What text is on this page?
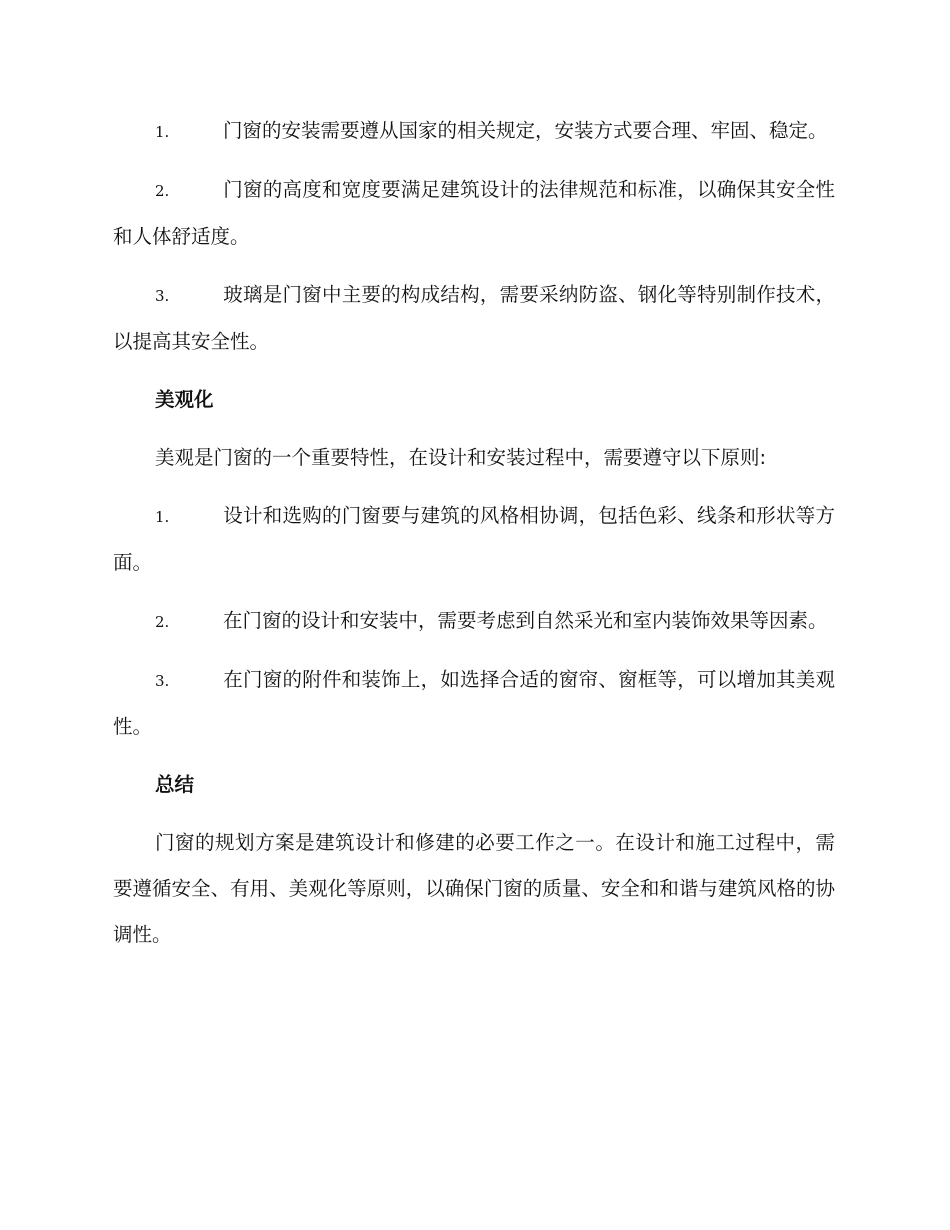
1.	门窗的安装需要遵从国家的相关规定，安装方式要合理、牢固、稳定。
2.	门窗的高度和宽度要满足建筑设计的法律规范和标准，以确保其安全性和人体舒适度。
3.	玻璃是门窗中主要的构成结构，需要采纳防盗、钢化等特别制作技术，以提高其安全性。
美观化
美观是门窗的一个重要特性，在设计和安装过程中，需要遵守以下原则:
1.	设计和选购的门窗要与建筑的风格相协调，包括色彩、线条和形状等方面。
2.	在门窗的设计和安装中，需要考虑到自然采光和室内装饰效果等因素。
3.	在门窗的附件和装饰上，如选择合适的窗帘、窗框等，可以增加其美观性。
总结
门窗的规划方案是建筑设计和修建的必要工作之一。在设计和施工过程中，需要遵循安全、有用、美观化等原则，以确保门窗的质量、安全和和谐与建筑风格的协调性。
